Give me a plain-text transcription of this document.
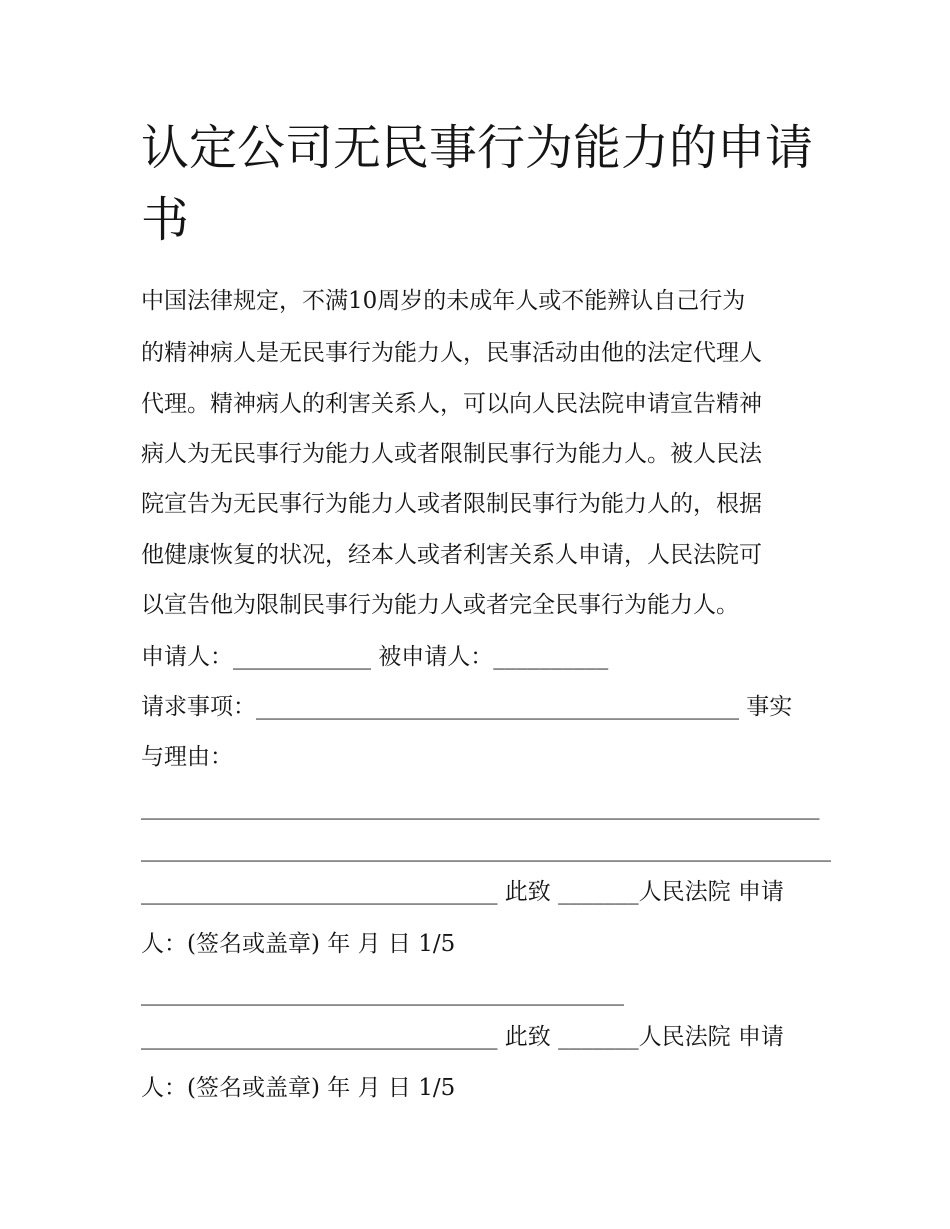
认定公司无民事行为能力的申请书

中国法律规定，不满10周岁的未成年人或不能辨认自己行为

的精神病人是无民事行为能力人，民事活动由他的法定代理人

代理。精神病人的利害关系人，可以向人民法院申请宣告精神

病人为无民事行为能力人或者限制民事行为能力人。被人民法

院宣告为无民事行为能力人或者限制民事行为能力人的，根据

他健康恢复的状况，经本人或者利害关系人申请，人民法院可

以宣告他为限制民事行为能力人或者完全民事行为能力人。

申请人：____________ 被申请人：__________

请求事项：__________________________________________ 事实

与理由：

___________________________________________________________

____________________________________________________________

_______________________________ 此致 _______人民法院 申请

人：(签名或盖章) 年 月 日 1/5

__________________________________________

_______________________________ 此致 _______人民法院 申请

人：(签名或盖章) 年 月 日 1/5
